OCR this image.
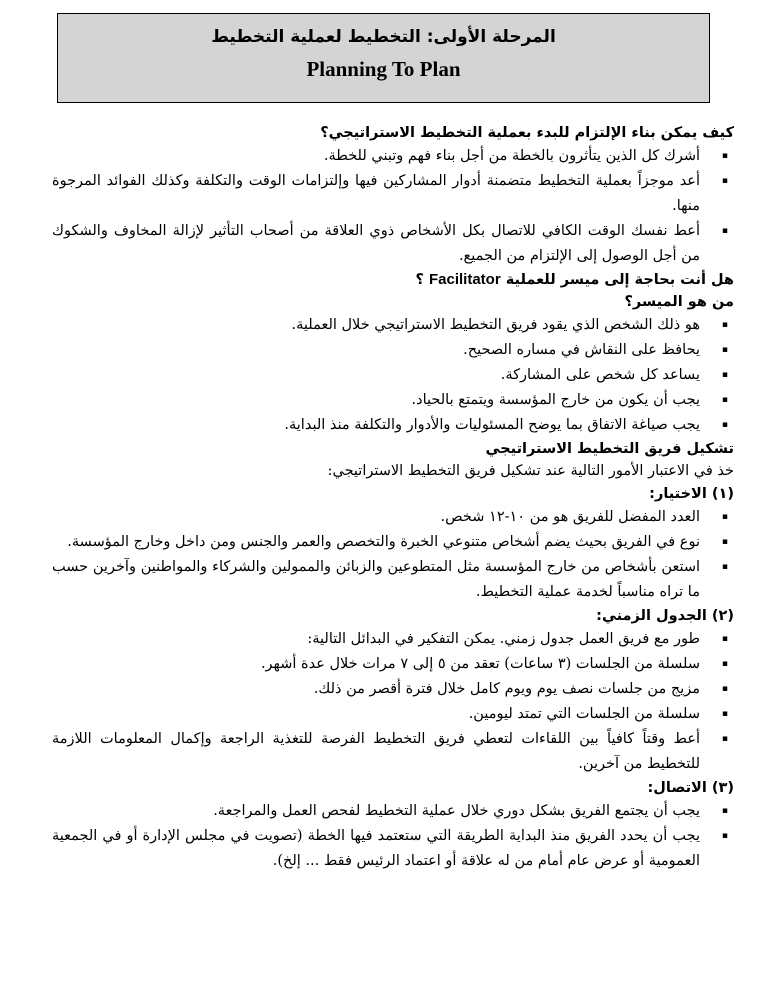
المرحلة الأولى: التخطيط لعملية التخطيط
Planning To Plan

كيف يمكن بناء الإلتزام للبدء بعملية التخطيط الاستراتيجي؟

▪
أشرك كل الذين يتأثرون بالخطة من أجل بناء فهم وتبني للخطة.
▪
أعد موجزاً بعملية التخطيط متضمنة أدوار المشاركين فيها وإلتزامات الوقت والتكلفة وكذلك الفوائد المرجوة منها.
▪
أعط نفسك الوقت الكافي للاتصال بكل الأشخاص ذوي العلاقة من أصحاب التأثير لإزالة المخاوف والشكوك من أجل الوصول إلى الإلتزام من الجميع.

هل أنت بحاجة إلى ميسر للعملية Facilitator ؟

من هو الميسر؟

▪
هو ذلك الشخص الذي يقود فريق التخطيط الاستراتيجي خلال العملية.
▪
يحافظ على النقاش في مساره الصحيح.
▪
يساعد كل شخص على المشاركة.
▪
يجب أن يكون من خارج المؤسسة ويتمتع بالحياد.
▪
يجب صياغة الاتفاق بما يوضح المسئوليات والأدوار والتكلفة منذ البداية.

تشكيل فريق التخطيط الاستراتيجي

خذ في الاعتبار الأمور التالية عند تشكيل فريق التخطيط الاستراتيجي:

(١) الاختيار:

▪
العدد المفضل للفريق هو من ١٠-١٢ شخص.
▪
نوع في الفريق بحيث يضم أشخاص متنوعي الخبرة والتخصص والعمر والجنس ومن داخل وخارج المؤسسة.
▪
استعن بأشخاص من خارج المؤسسة مثل المتطوعين والزبائن والممولين والشركاء والمواطنين وآخرين حسب ما تراه مناسباً لخدمة عملية التخطيط.

(٢) الجدول الزمني:

▪
طور مع فريق العمل جدول زمني. يمكن التفكير في البدائل التالية:
▪
سلسلة من الجلسات (٣ ساعات) تعقد من ٥ إلى ٧ مرات خلال عدة أشهر.
▪
مزيج من جلسات نصف يوم ويوم كامل خلال فترة أقصر من ذلك.
▪
سلسلة من الجلسات التي تمتد ليومين.
▪
أعط وقتاً كافياً بين اللقاءات لتعطي فريق التخطيط الفرصة للتغذية الراجعة وإكمال المعلومات اللازمة للتخطيط من آخرين.

(٣) الاتصال:

▪
يجب أن يجتمع الفريق بشكل دوري خلال عملية التخطيط لفحص العمل والمراجعة.
▪
يجب أن يحدد الفريق منذ البداية الطريقة التي ستعتمد فيها الخطة (تصويت في مجلس الإدارة أو في الجمعية العمومية أو عرض عام أمام من له علاقة أو اعتماد الرئيس فقط ... إلخ).
